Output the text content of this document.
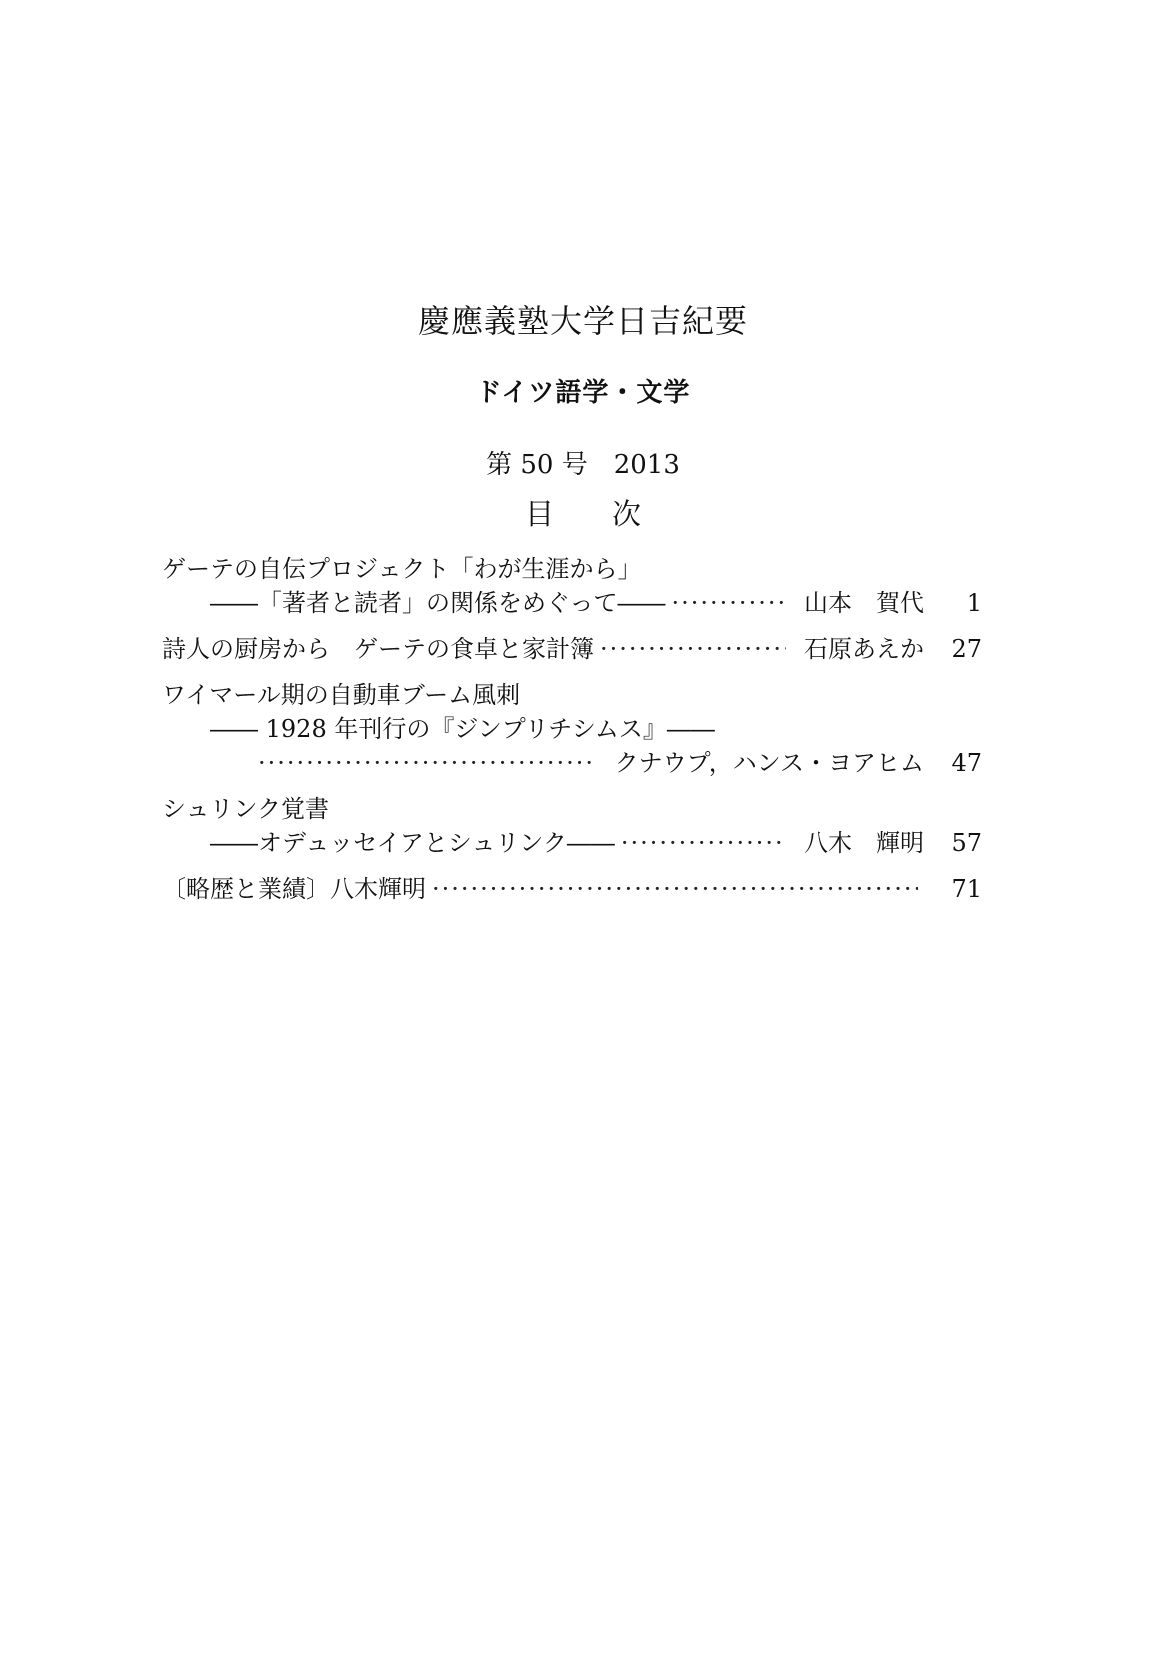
慶應義塾大学日吉紀要
ドイツ語学・文学
第 50 号　2013
目 次
ゲーテの自伝プロジェクト「わが生涯から」
――「著者と読者」の関係をめぐって―― ·····	山本　賀代	1
詩人の厨房から　ゲーテの食卓と家計簿 ·····	石原あえか	27
ワイマール期の自動車ブーム風刺
―― 1928 年刊行の『ジンプリチシムス』――
·····
クナウプ，ハンス・ヨアヒム	47
シュリンク覚書
――オデュッセイアとシュリンク―― ·····	八木　輝明	57
〔略歴と業績〕八木輝明 ·····	71
